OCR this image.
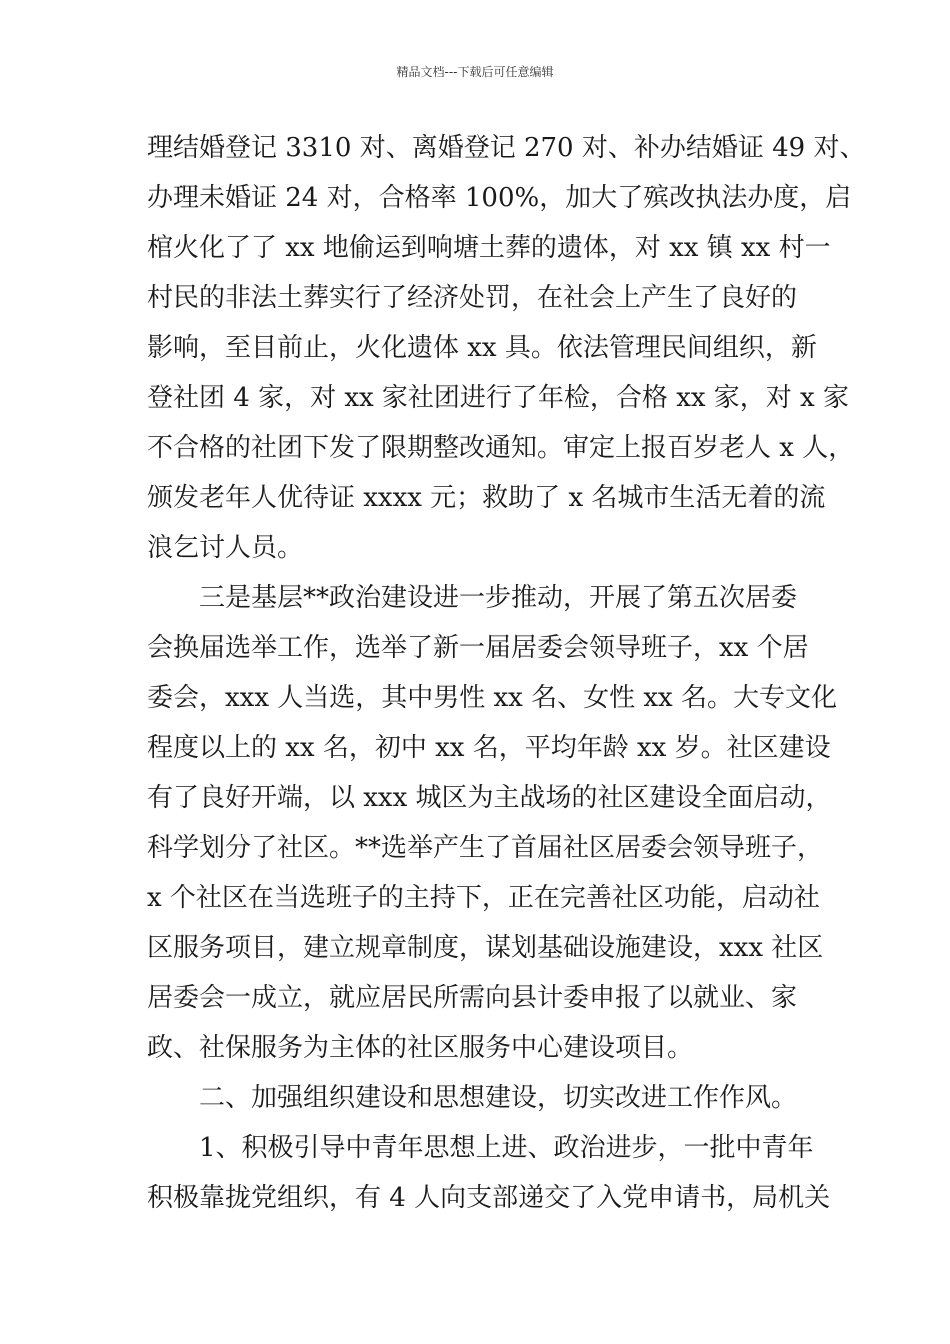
精品文档---下载后可任意编辑
理结婚登记 3310 对、离婚登记 270 对、补办结婚证 49 对、
办理未婚证 24 对，合格率 100%，加大了殡改执法办度，启
棺火化了了 xx 地偷运到响塘土葬的遗体，对 xx 镇 xx 村一
村民的非法土葬实行了经济处罚，在社会上产生了良好的
影响，至目前止，火化遗体 xx 具。依法管理民间组织，新
登社团 4 家，对 xx 家社团进行了年检，合格 xx 家，对 x 家
不合格的社团下发了限期整改通知。审定上报百岁老人 x 人，
颁发老年人优待证 xxxx 元；救助了 x 名城市生活无着的流
浪乞讨人员。
三是基层**政治建设进一步推动，开展了第五次居委
会换届选举工作，选举了新一届居委会领导班子，xx 个居
委会，xxx 人当选，其中男性 xx 名、女性 xx 名。大专文化
程度以上的 xx 名，初中 xx 名，平均年龄 xx 岁。社区建设
有了良好开端，以 xxx 城区为主战场的社区建设全面启动，
科学划分了社区。**选举产生了首届社区居委会领导班子，
x 个社区在当选班子的主持下，正在完善社区功能，启动社
区服务项目，建立规章制度，谋划基础设施建设，xxx 社区
居委会一成立，就应居民所需向县计委申报了以就业、家
政、社保服务为主体的社区服务中心建设项目。
二、加强组织建设和思想建设，切实改进工作作风。
1、积极引导中青年思想上进、政治进步，一批中青年
积极靠拢党组织，有 4 人向支部递交了入党申请书，局机关
